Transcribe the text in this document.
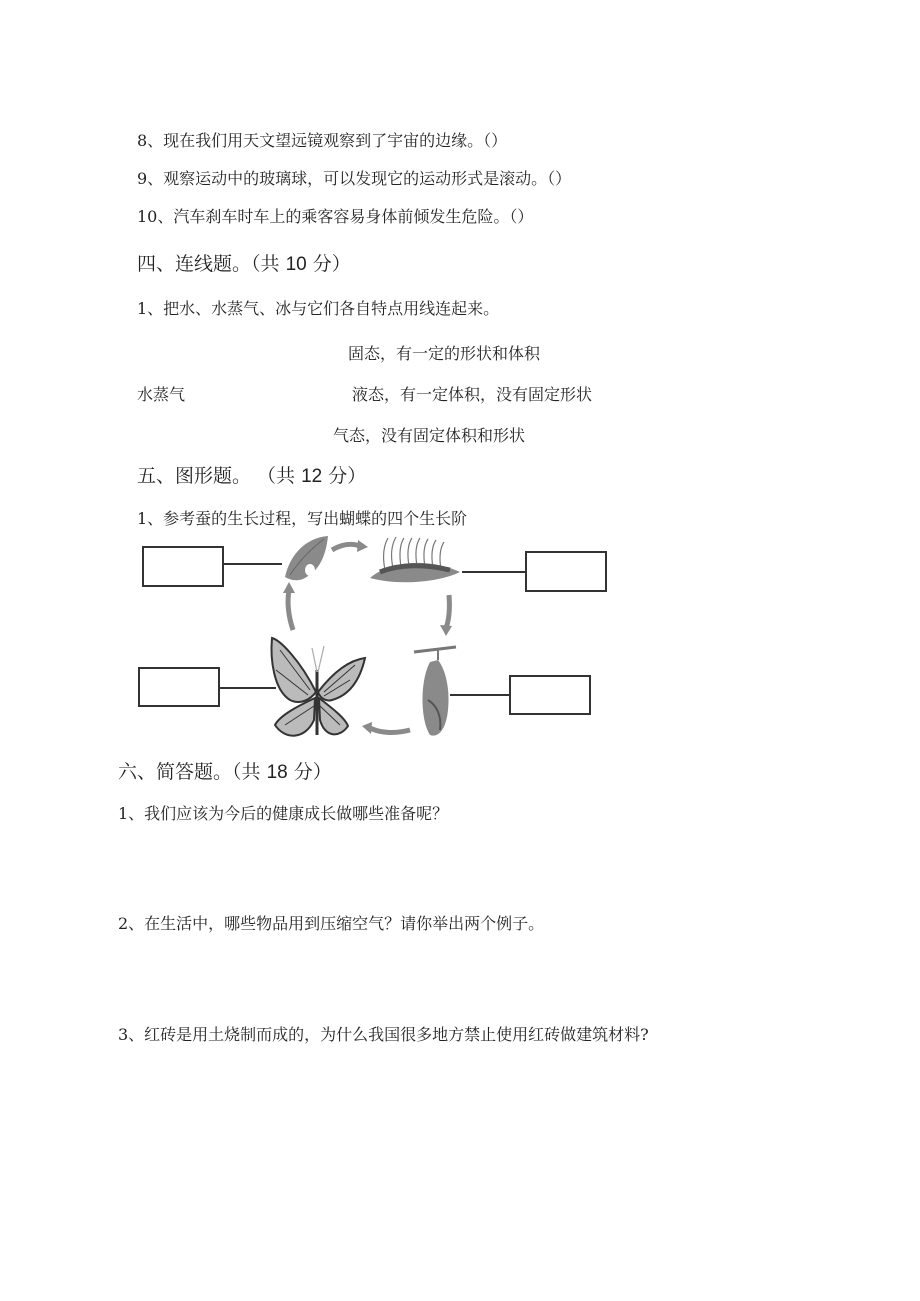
8、现在我们用天文望远镜观察到了宇宙的边缘。（）
9、观察运动中的玻璃球，可以发现它的运动形式是滚动。（）
10、汽车刹车时车上的乘客容易身体前倾发生危险。（）
四、连线题。（共 10 分）
1、把水、水蒸气、冰与它们各自特点用线连起来。
固态，有一定的形状和体积
水蒸气	液态，有一定体积，没有固定形状
气态，没有固定体积和形状
五、图形题。 （共 12 分）
1、参考蚕的生长过程，写出蝴蝶的四个生长阶
六、简答题。（共 18 分）
1、我们应该为今后的健康成长做哪些准备呢？
2、在生活中，哪些物品用到压缩空气？请你举出两个例子。
3、红砖是用土烧制而成的，为什么我国很多地方禁止使用红砖做建筑材料?
